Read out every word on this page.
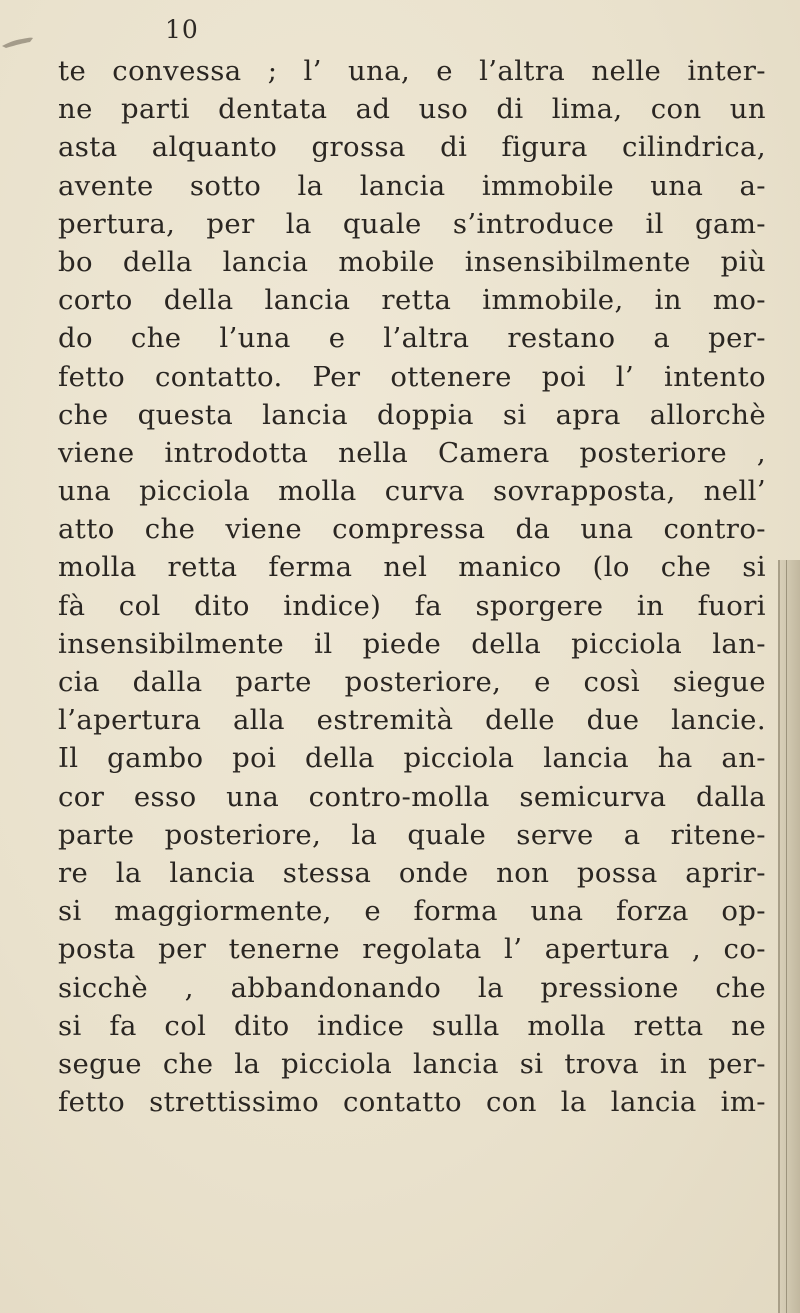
10
te convessa ; l’ una, e l’altra nelle inter-
ne parti dentata ad uso di lima, con un
asta alquanto grossa di figura cilindrica,
avente sotto la lancia immobile una a-
pertura, per la quale s’introduce il gam-
bo della lancia mobile insensibilmente più
corto della lancia retta immobile, in mo-
do che l’una e l’altra restano a per-
fetto contatto. Per ottenere poi l’ intento
che questa lancia doppia si apra allorchè
viene introdotta nella Camera posteriore ,
una picciola molla curva sovrapposta, nell’
atto che viene compressa da una contro-
molla retta ferma nel manico (lo che si
fà col dito indice) fa sporgere in fuori
insensibilmente il piede della picciola lan-
cia dalla parte posteriore, e così siegue
l’apertura alla estremità delle due lancie.
Il gambo poi della picciola lancia ha an-
cor esso una contro-molla semicurva dalla
parte posteriore, la quale serve a ritene-
re la lancia stessa onde non possa aprir-
si maggiormente, e forma una forza op-
posta per tenerne regolata l’ apertura , co-
sicchè , abbandonando la pressione che
si fa col dito indice sulla molla retta ne
segue che la picciola lancia si trova in per-
fetto strettissimo contatto con la lancia im-
